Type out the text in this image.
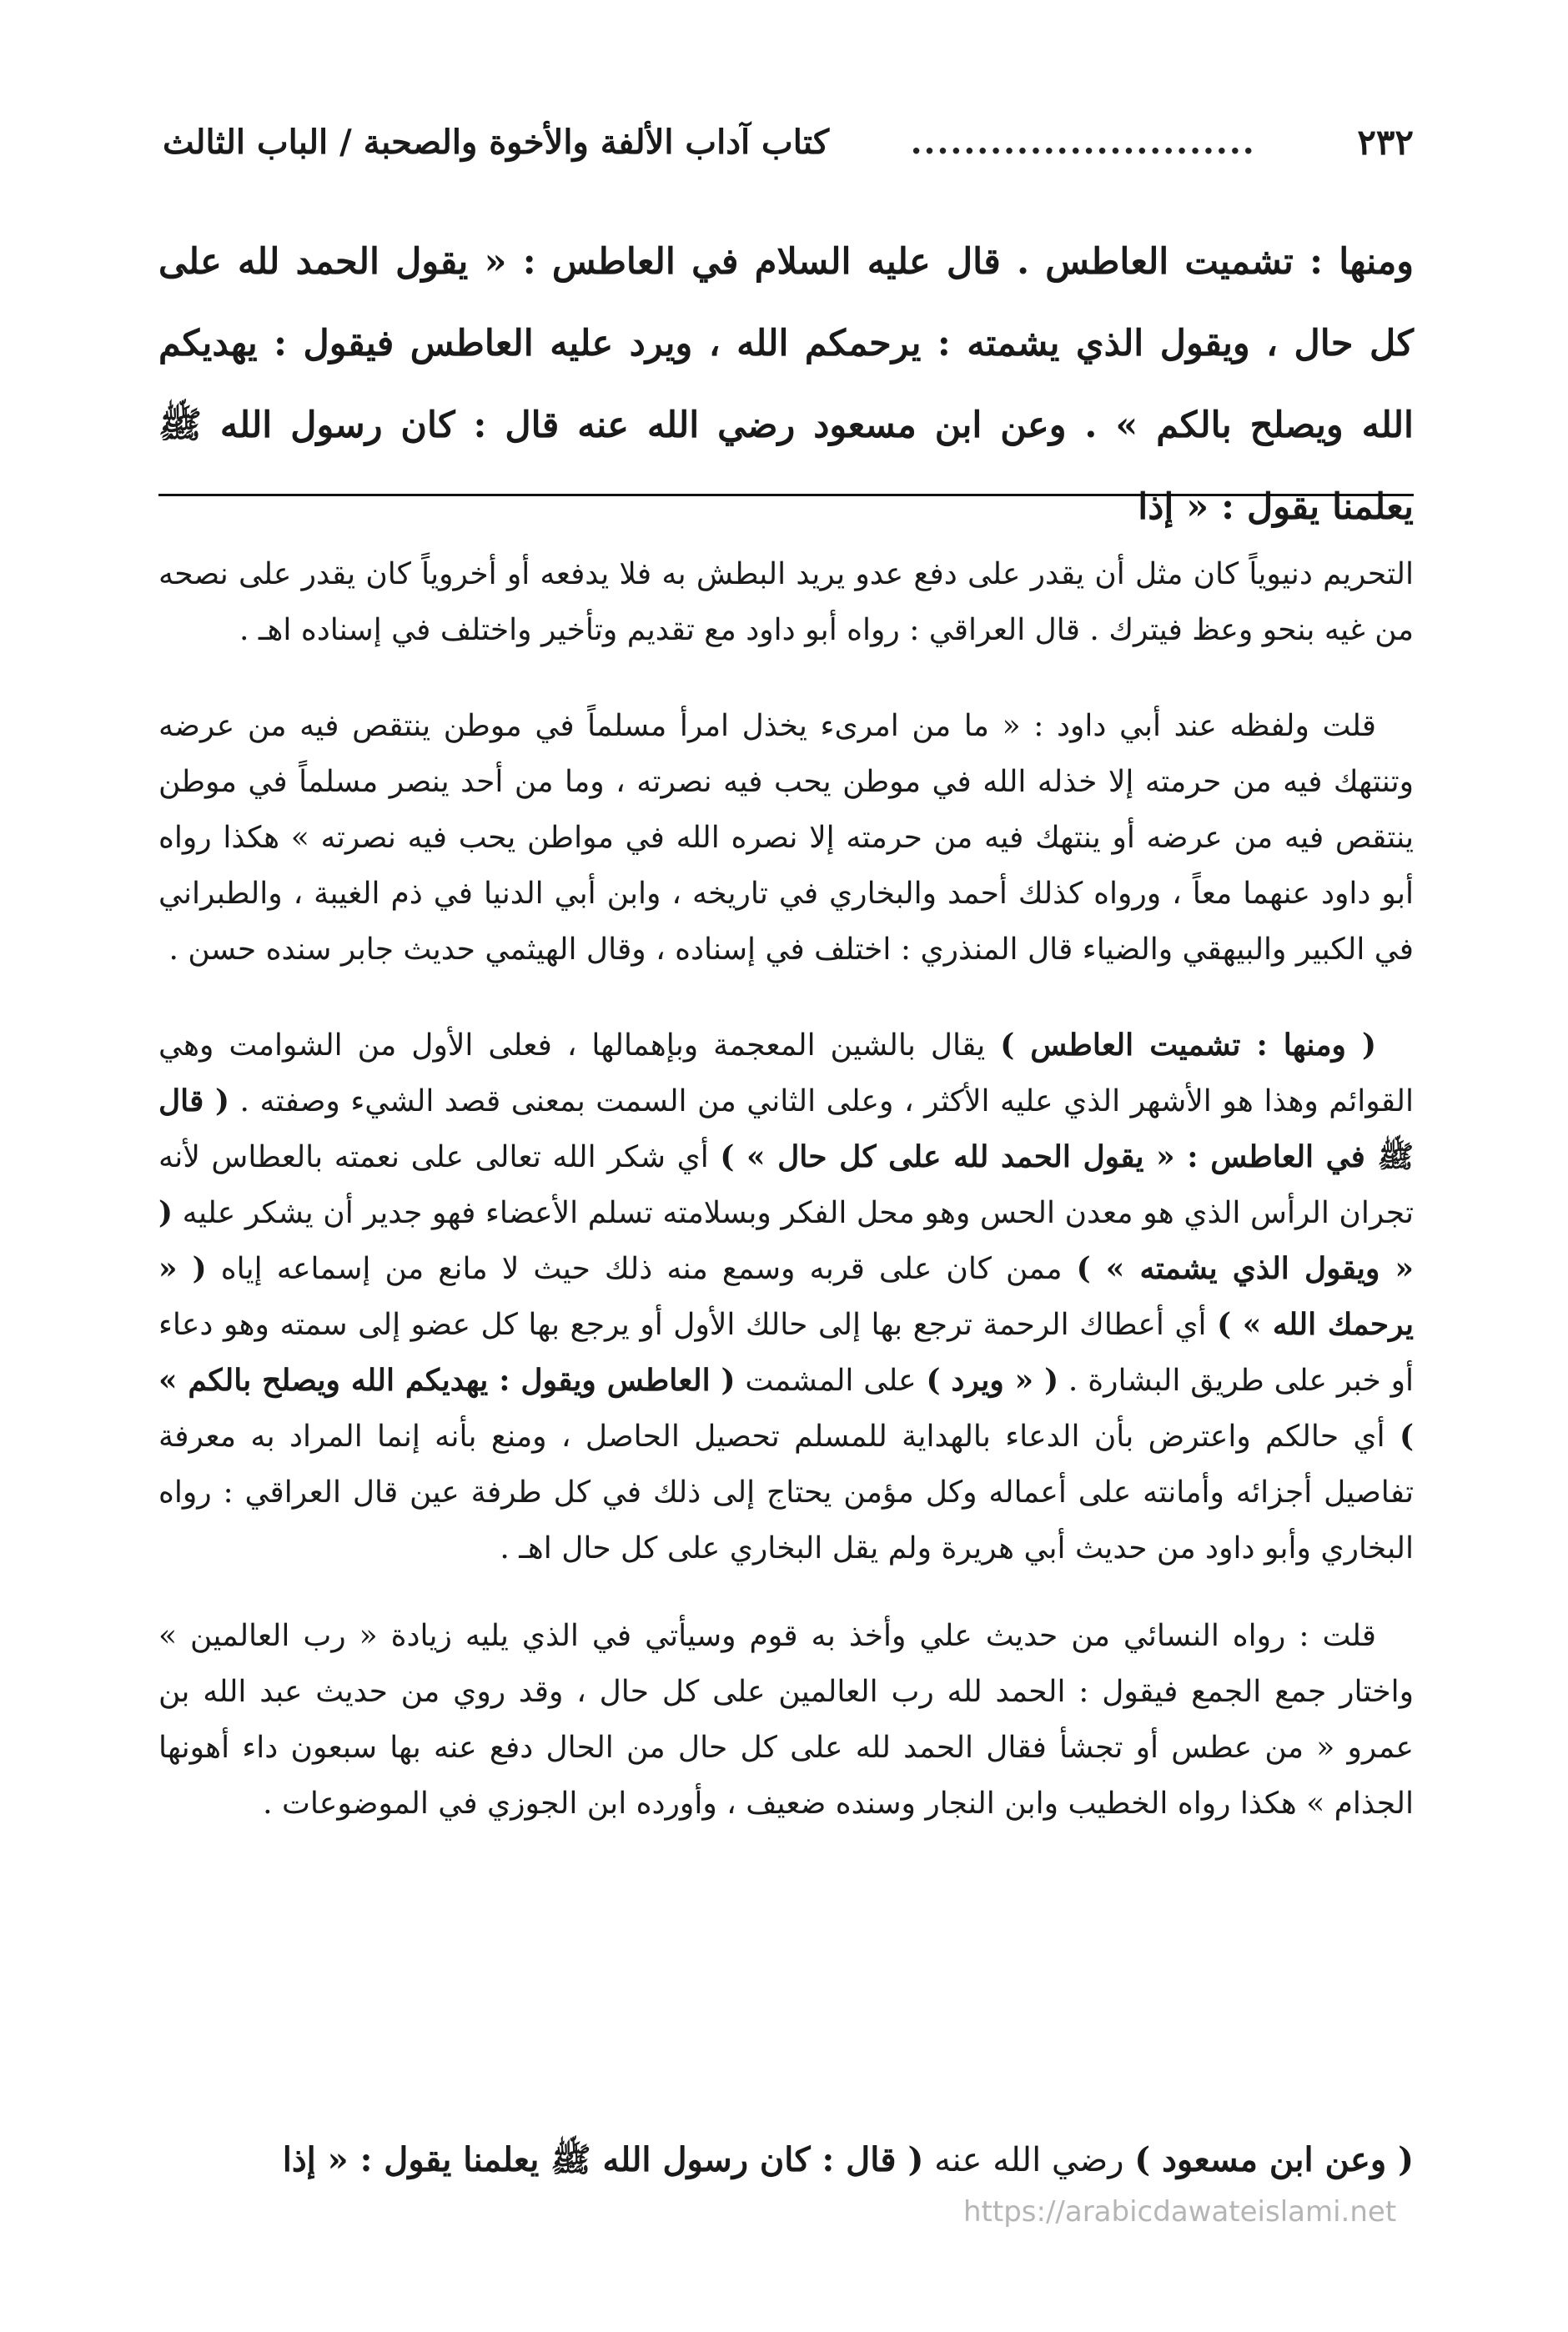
٢٣٢
..........................
كتاب آداب الألفة والأخوة والصحبة / الباب الثالث
ومنها : تشميت العاطس . قال عليه السلام في العاطس : « يقول الحمد لله على كل حال ، ويقول الذي يشمته : يرحمكم الله ، ويرد عليه العاطس فيقول : يهديكم الله ويصلح بالكم » . وعن ابن مسعود رضي الله عنه قال : كان رسول الله ﷺ يعلمنا يقول : « إذا

التحريم دنيوياً كان مثل أن يقدر على دفع عدو يريد البطش به فلا يدفعه أو أخروياً كان يقدر على نصحه من غيه بنحو وعظ فيترك . قال العراقي : رواه أبو داود مع تقديم وتأخير واختلف في إسناده اهـ .

قلت ولفظه عند أبي داود : « ما من امرىء يخذل امرأ مسلماً في موطن ينتقص فيه من عرضه وتنتهك فيه من حرمته إلا خذله الله في موطن يحب فيه نصرته ، وما من أحد ينصر مسلماً في موطن ينتقص فيه من عرضه أو ينتهك فيه من حرمته إلا نصره الله في مواطن يحب فيه نصرته » هكذا رواه أبو داود عنهما معاً ، ورواه كذلك أحمد والبخاري في تاريخه ، وابن أبي الدنيا في ذم الغيبة ، والطبراني في الكبير والبيهقي والضياء قال المنذري : اختلف في إسناده ، وقال الهيثمي حديث جابر سنده حسن .

( ومنها : تشميت العاطس ) يقال بالشين المعجمة وبإهمالها ، فعلى الأول من الشوامت وهي القوائم وهذا هو الأشهر الذي عليه الأكثر ، وعلى الثاني من السمت بمعنى قصد الشيء وصفته . ( قال ﷺ في العاطس : « يقول الحمد لله على كل حال » ) أي شكر الله تعالى على نعمته بالعطاس لأنه تجران الرأس الذي هو معدن الحس وهو محل الفكر وبسلامته تسلم الأعضاء فهو جدير أن يشكر عليه ( « ويقول الذي يشمته » ) ممن كان على قربه وسمع منه ذلك حيث لا مانع من إسماعه إياه ( « يرحمك الله » ) أي أعطاك الرحمة ترجع بها إلى حالك الأول أو يرجع بها كل عضو إلى سمته وهو دعاء أو خبر على طريق البشارة . ( « ويرد ) على المشمت ( العاطس ويقول : يهديكم الله ويصلح بالكم » ) أي حالكم واعترض بأن الدعاء بالهداية للمسلم تحصيل الحاصل ، ومنع بأنه إنما المراد به معرفة تفاصيل أجزائه وأمانته على أعماله وكل مؤمن يحتاج إلى ذلك في كل طرفة عين قال العراقي : رواه البخاري وأبو داود من حديث أبي هريرة ولم يقل البخاري على كل حال اهـ .

قلت : رواه النسائي من حديث علي وأخذ به قوم وسيأتي في الذي يليه زيادة « رب العالمين » واختار جمع الجمع فيقول : الحمد لله رب العالمين على كل حال ، وقد روي من حديث عبد الله بن عمرو « من عطس أو تجشأ فقال الحمد لله على كل حال من الحال دفع عنه بها سبعون داء أهونها الجذام » هكذا رواه الخطيب وابن النجار وسنده ضعيف ، وأورده ابن الجوزي في الموضوعات .

( وعن ابن مسعود ) رضي الله عنه ( قال : كان رسول الله ﷺ يعلمنا يقول : « إذا
https://arabicdawateislami.net
